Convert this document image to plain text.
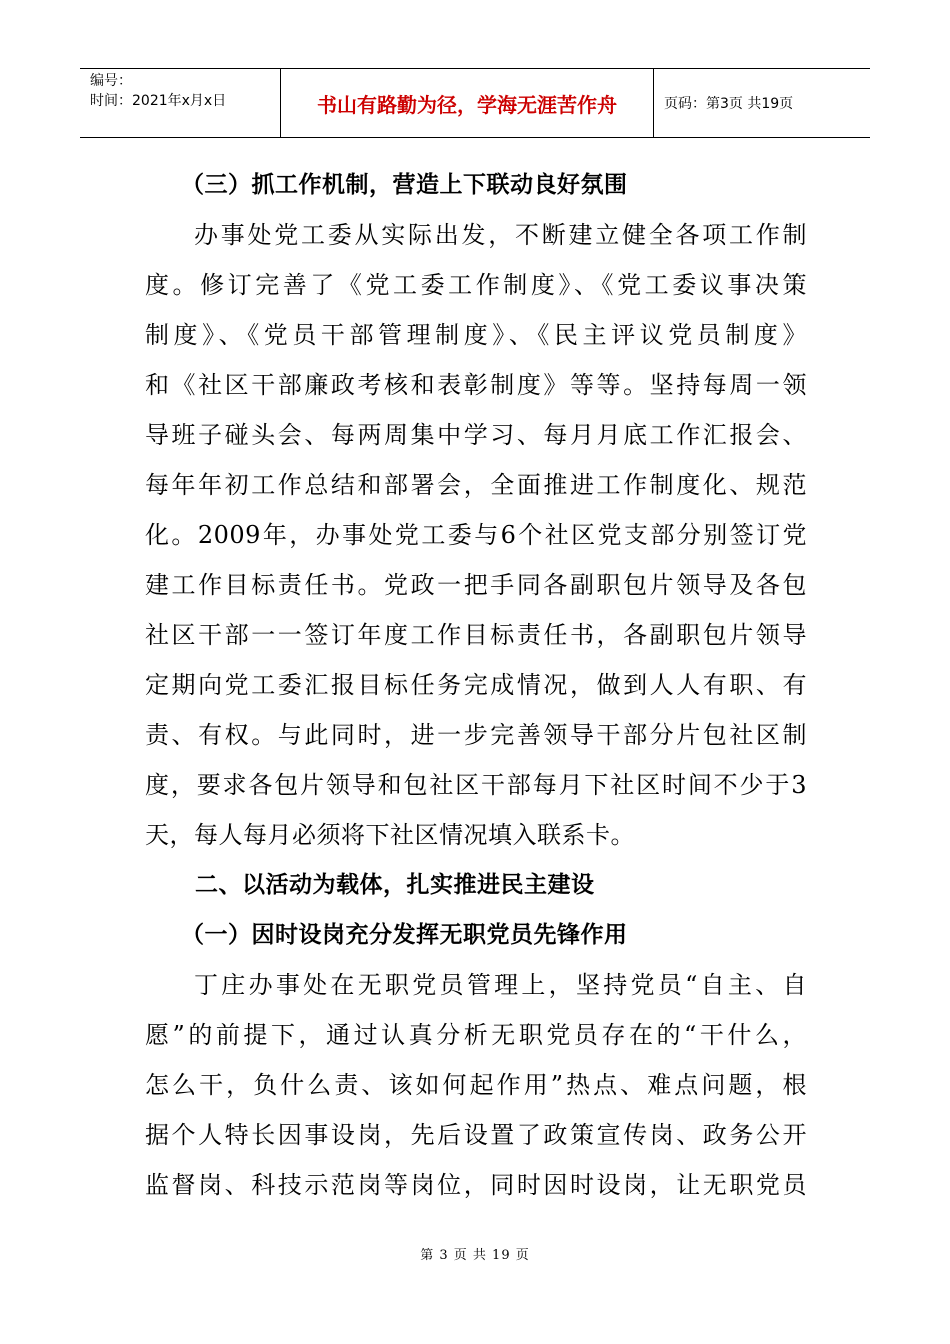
编号：
时间：2021年x月x日	书山有路勤为径，学海无涯苦作舟	页码：第3页 共19页
（三）抓工作机制，营造上下联动良好氛围
办事处党工委从实际出发，不断建立健全各项工作制
度。修订完善了《党工委工作制度》、《党工委议事决策
制度》、《党员干部管理制度》、《民主评议党员制度》
和《社区干部廉政考核和表彰制度》等等。坚持每周一领
导班子碰头会、每两周集中学习、每月月底工作汇报会、
每年年初工作总结和部署会，全面推进工作制度化、规范
化。2009年，办事处党工委与6个社区党支部分别签订党
建工作目标责任书。党政一把手同各副职包片领导及各包
社区干部一一签订年度工作目标责任书，各副职包片领导
定期向党工委汇报目标任务完成情况，做到人人有职、有
责、有权。与此同时，进一步完善领导干部分片包社区制
度，要求各包片领导和包社区干部每月下社区时间不少于3
天，每人每月必须将下社区情况填入联系卡。
二、以活动为载体，扎实推进民主建设
（一）因时设岗充分发挥无职党员先锋作用
丁庄办事处在无职党员管理上，坚持党员“自主、自
愿”的前提下，通过认真分析无职党员存在的“干什么，
怎么干，负什么责、该如何起作用”热点、难点问题，根
据个人特长因事设岗，先后设置了政策宣传岗、政务公开
监督岗、科技示范岗等岗位，同时因时设岗，让无职党员
第 3 页 共 19 页
